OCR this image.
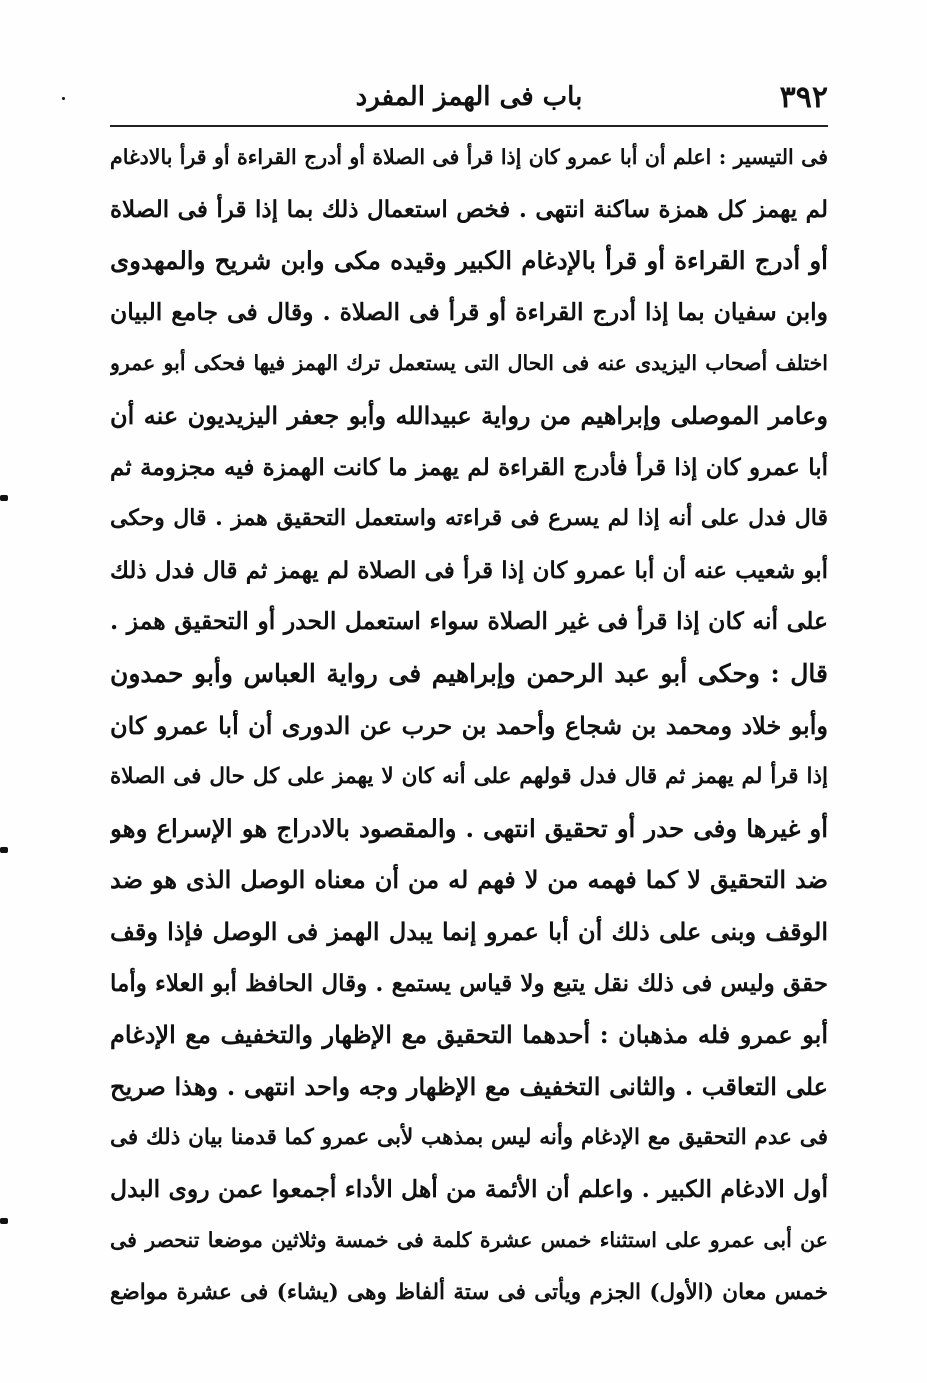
٣٩٢
باب فى الهمز المفرد
فى التيسير : اعلم أن أبا عمرو كان إذا قرأ فى الصلاة أو أدرج القراءة أو قرأ بالادغام
لم يهمز كل همزة ساكنة انتهى . فخص استعمال ذلك بما إذا قرأ فى الصلاة
أو أدرج القراءة أو قرأ بالإدغام الكبير وقيده مكى وابن شريح والمهدوى
وابن سفيان بما إذا أدرج القراءة أو قرأ فى الصلاة . وقال فى جامع البيان
اختلف أصحاب اليزيدى عنه فى الحال التى يستعمل ترك الهمز فيها فحكى أبو عمرو
وعامر الموصلى وإبراهيم من رواية عبيدالله وأبو جعفر اليزيديون عنه أن
أبا عمرو كان إذا قرأ فأدرج القراءة لم يهمز ما كانت الهمزة فيه مجزومة ثم
قال فدل على أنه إذا لم يسرع فى قراءته واستعمل التحقيق همز . قال وحكى
أبو شعيب عنه أن أبا عمرو كان إذا قرأ فى الصلاة لم يهمز ثم قال فدل ذلك
على أنه كان إذا قرأ فى غير الصلاة سواء استعمل الحدر أو التحقيق همز .
قال : وحكى أبو عبد الرحمن وإبراهيم فى رواية العباس وأبو حمدون
وأبو خلاد ومحمد بن شجاع وأحمد بن حرب عن الدورى أن أبا عمرو كان
إذا قرأ لم يهمز ثم قال فدل قولهم على أنه كان لا يهمز على كل حال فى الصلاة
أو غيرها وفى حدر أو تحقيق انتهى . والمقصود بالادراج هو الإسراع وهو
ضد التحقيق لا كما فهمه من لا فهم له من أن معناه الوصل الذى هو ضد
الوقف وبنى على ذلك أن أبا عمرو إنما يبدل الهمز فى الوصل فإذا وقف
حقق وليس فى ذلك نقل يتبع ولا قياس يستمع . وقال الحافظ أبو العلاء وأما
أبو عمرو فله مذهبان : أحدهما التحقيق مع الإظهار والتخفيف مع الإدغام
على التعاقب . والثانى التخفيف مع الإظهار وجه واحد انتهى . وهذا صريح
فى عدم التحقيق مع الإدغام وأنه ليس بمذهب لأبى عمرو كما قدمنا بيان ذلك فى
أول الادغام الكبير . واعلم أن الأئمة من أهل الأداء أجمعوا عمن روى البدل
عن أبى عمرو على استثناء خمس عشرة كلمة فى خمسة وثلاثين موضعا تنحصر فى
خمس معان (الأول) الجزم ويأتى فى ستة ألفاظ وهى (يشاء) فى عشرة مواضع
